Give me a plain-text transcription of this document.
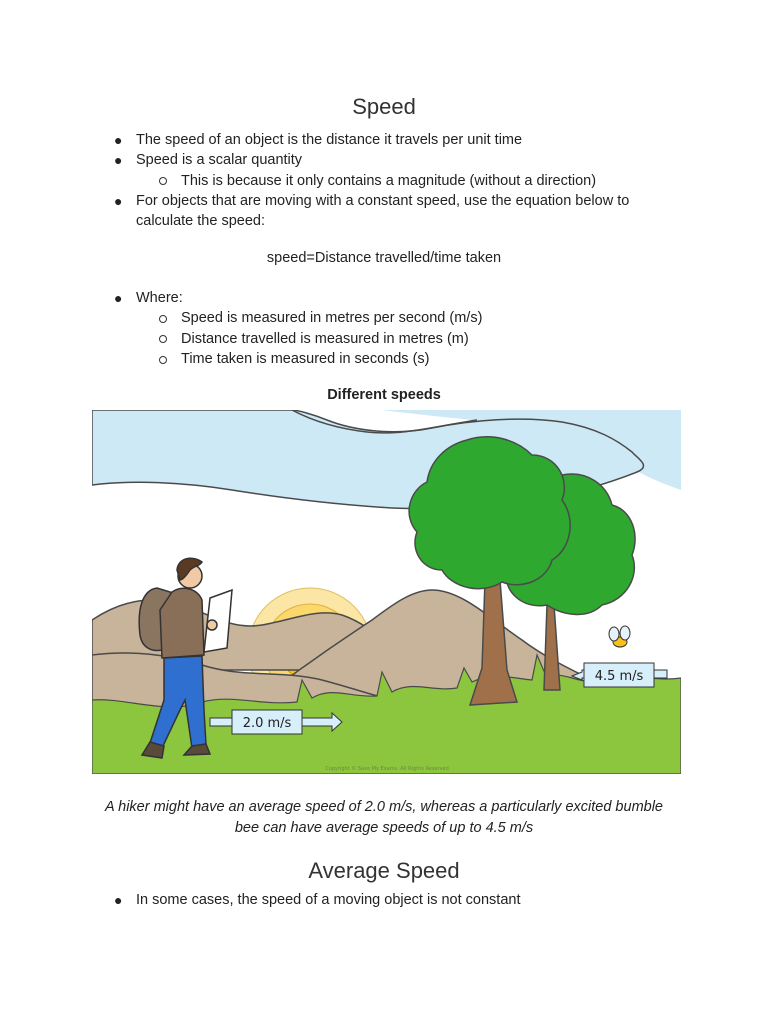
Speed
● The speed of an object is the distance it travels per unit time
● Speed is a scalar quantity
This is because it only contains a magnitude (without a direction)
● For objects that are moving with a constant speed, use the equation below to
calculate the speed:
speed=Distance travelled/time taken
● Where:
Speed is measured in metres per second (m/s)
Distance travelled is measured in metres (m)
Time taken is measured in seconds (s)
Different speeds
2.0 m/s
4.5 m/s
Copyright © Save My Exams. All Rights Reserved
A hiker might have an average speed of 2.0 m/s, whereas a particularly excited bumble
bee can have average speeds of up to 4.5 m/s
Average Speed
● In some cases, the speed of a moving object is not constant
